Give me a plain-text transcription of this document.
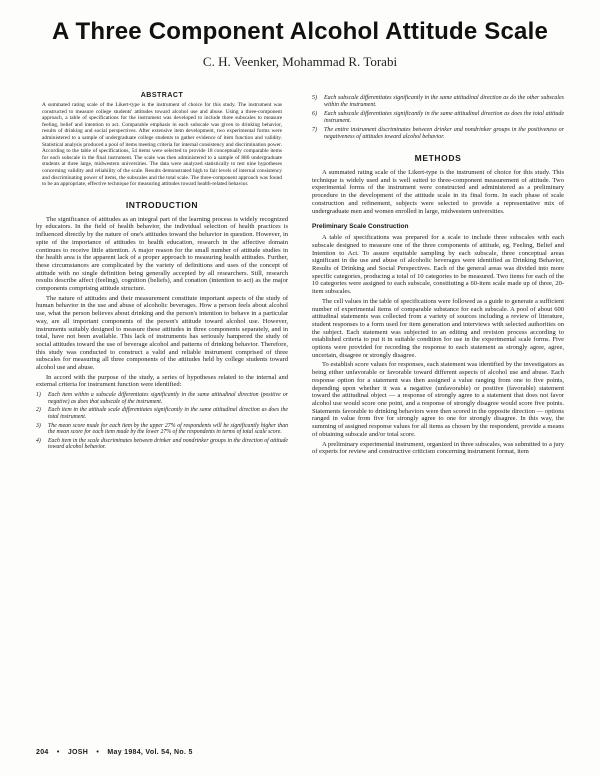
A Three Component Alcohol Attitude Scale
C. H. Veenker, Mohammad R. Torabi
ABSTRACT
A summated rating scale of the Likert-type is the instrument of choice for this study. The instrument was constructed to measure college students' attitudes toward alcohol use and abuse. Using a three-component approach, a table of specifications for the instrument was developed to include three subscales to measure feeling, belief and intention to act. Comparable emphasis in each subscale was given to drinking behavior, results of drinking and social perspectives. After extensive item development, two experimental forms were administered to a sample of undergraduate college students to gather evidence of item function and validity. Statistical analysis produced a pool of items meeting criteria for internal consistency and discrimination power. According to the table of specifications, 54 items were selected to provide 18 conceptually comparable items for each subscale in the final instrument. The scale was then administered to a sample of 880 undergraduate students at three large, midwestern universities. The data were analyzed statistically to test nine hypotheses concerning validity and reliability of the scale. Results demonstrated high to fair levels of internal consistency and discriminating power of items, the subscales and the total scale. The three-component approach was found to be an appropriate, effective technique for measuring attitudes toward health-related behavior.
INTRODUCTION

The significance of attitudes as an integral part of the learning process is widely recognized by educators. In the field of health behavior, the individual selection of health practices is influenced directly by the nature of one's attitudes toward the behavior in question. However, in spite of the importance of attitudes to health education, research in the affective domain continues to receive little attention. A major reason for the small number of attitude studies in the health area is the apparent lack of a proper approach to measuring health attitudes. Further, these circumstances are complicated by the variety of definitions and uses of the concept of attitude with no single definition being generally accepted by all researchers. Still, research results describe affect (feeling), cognition (beliefs), and conation (intention to act) as the major components comprising attitude structure.

The nature of attitudes and their measurement constitute important aspects of the study of human behavior in the use and abuse of alcoholic beverages. How a person feels about alcohol use, what the person believes about drinking and the person's intention to behave in a particular way, are all important components of the person's attitude toward alcohol use. However, instruments suitably designed to measure these attitudes in three components separately, and in total, have not been available. This lack of instruments has seriously hampered the study of social attitudes toward the use of beverage alcohol and patterns of drinking behavior. Therefore, this study was conducted to construct a valid and reliable instrument comprised of three subscales for measuring all three components of the attitudes held by college students toward alcohol use and abuse.

In accord with the purpose of the study, a series of hypotheses related to the internal and external criteria for instrument function were identified:

1) Each item within a subscale differentiates significantly in the same attitudinal direction (positive or negative) as does that subscale of the instrument.
2) Each item in the attitude scale differentiates significantly in the same attitudinal direction as does the total instrument.
3) The mean score made for each item by the upper 27% of respondents will be significantly higher than the mean score for each item made by the lower 27% of the respondents in terms of total scale score.
4) Each item in the scale discriminates between drinker and nondrinker groups in the direction of attitude toward alcohol behavior.
5) Each subscale differentiates significantly in the same attitudinal direction as do the other subscales within the instrument.
6) Each subscale differentiates significantly in the same attitudinal direction as does the total attitude instrument.
7) The entire instrument discriminates between drinker and nondrinker groups in the positiveness or negativeness of attitudes toward alcohol behavior.
METHODS

A summated rating scale of the Likert-type is the instrument of choice for this study. This technique is widely used and is well suited to three-component measurement of attitude. Two experimental forms of the instrument were constructed and administered as a preliminary procedure in the development of the attitude scale in its final form. In each phase of scale construction and refinement, subjects were selected to provide a representative mix of undergraduate men and women enrolled in large, midwestern universities.

Preliminary Scale Construction

A table of specifications was prepared for a scale to include three subscales with each subscale designed to measure one of the three components of attitude, eg, Feeling, Belief and Intention to Act. To assure equitable sampling by each subscale, three conceptual areas significant in the use and abuse of alcoholic beverages were identified as Drinking Behavior, Results of Drinking and Social Perspectives. Each of the general areas was divided into more specific categories, producing a total of 10 categories to be measured. Two items for each of the 10 categories were assigned to each subscale, constituting a 60-item scale made up of three, 20-item subscales.

The cell values in the table of specifications were followed as a guide to generate a sufficient number of experimental items of comparable substance for each subscale. A pool of about 600 attitudinal statements was collected from a variety of sources including a review of literature, student responses to a form used for item generation and interviews with selected authorities on the subject. Each statement was subjected to an editing and revision process according to established criteria to put it in suitable condition for use in the experimental scale forms. Five options were provided for recording the response to each statement as strongly agree, agree, uncertain, disagree or strongly disagree.

To establish score values for responses, each statement was identified by the investigators as being either unfavorable or favorable toward different aspects of alcohol use and abuse. Each response option for a statement was then assigned a value ranging from one to five points, depending upon whether it was a negative (unfavorable) or positive (favorable) statement toward the attitudinal object — a response of strongly agree to a statement that does not favor alcohol use would score one point, and a response of strongly disagree would score five points. Statements favorable to drinking behaviors were then scored in the opposite direction — options ranged in value from five for strongly agree to one for strongly disagree. In this way, the summing of assigned response values for all items as chosen by the respondent, provide a means of obtaining subscale and/or total score.

A preliminary experimental instrument, organized in three subscales, was submitted to a jury of experts for review and constructive criticism concerning instrument format, item

204 • JOSH • May 1984, Vol. 54, No. 5
